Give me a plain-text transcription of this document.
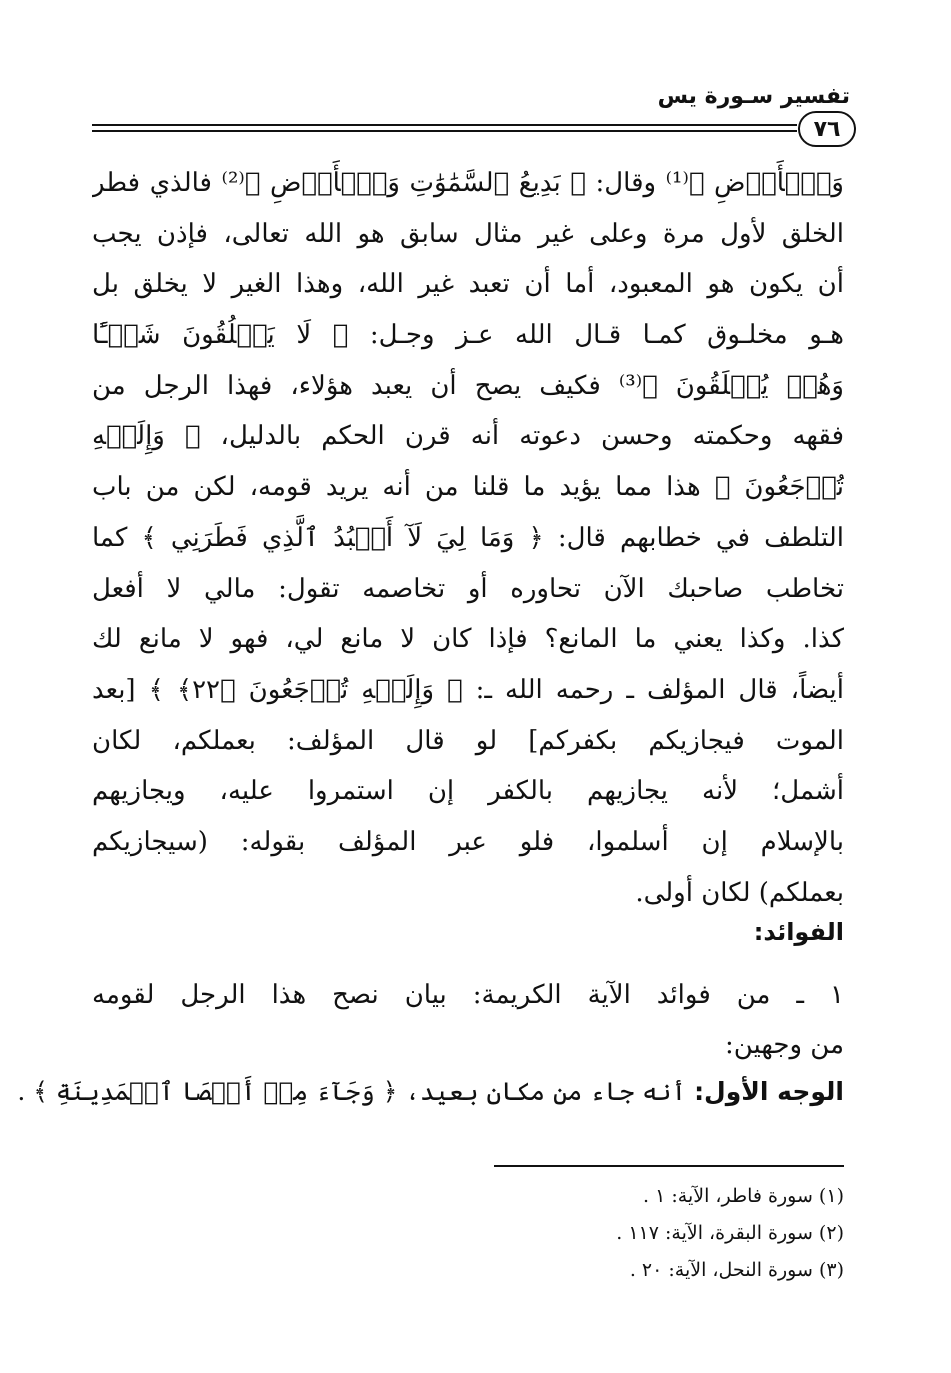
تفسير سـورة يس
٧٦
وَٱلۡأَرۡضِ ﴾⁽¹⁾ وقال: ﴿ بَدِيعُ ٱلسَّمَٰوَٰتِ وَٱلۡأَرۡضِ ﴾⁽²⁾ فالذي فطر
الخلق لأول مرة وعلى غير مثال سابق هو الله تعالى، فإذن يجب
أن يكون هو المعبود، أما أن تعبد غير الله، وهذا الغير لا يخلق بل
هـو مخلـوق كمـا قـال الله عـز وجـل: ﴿ لَا يَخۡلُقُونَ شَيۡـًٔا
وَهُمۡ يُخۡلَقُونَ ﴾⁽³⁾ فكيف يصح أن يعبد هؤلاء، فهذا الرجل من
فقهه وحكمته وحسن دعوته أنه قرن الحكم بالدليل، ﴿ وَإِلَيۡهِ
تُرۡجَعُونَ ﴾ هذا مما يؤيد ما قلنا من أنه يريد قومه، لكن من باب
التلطف في خطابهم قال: ﴿ وَمَا لِيَ لَآ أَعۡبُدُ ٱلَّذِي فَطَرَنِي ﴾ كما
تخاطب صاحبك الآن تحاوره أو تخاصمه تقول: مالي لا أفعل
كذا. وكذا يعني ما المانع؟ فإذا كان لا مانع لي، فهو لا مانع لك
أيضاً، قال المؤلف ـ رحمه الله ـ: ﴿ وَإِلَيۡهِ تُرۡجَعُونَ ﴿٢٢﴾ ﴾ [بعد
الموت فيجازيكم بكفركم] لو قال المؤلف: بعملكم، لكان
أشمل؛ لأنه يجازيهم بالكفر إن استمروا عليه، ويجازيهم
بالإسلام إن أسلموا، فلو عبر المؤلف بقوله: (سيجازيكم
بعملكم) لكان أولى.
الفوائد:
١ ـ من فوائد الآية الكريمة: بيان نصح هذا الرجل لقومه
من وجهين:
الوجه الأول: أنه جاء من مكان بعيد، ﴿ وَجَآءَ مِنۡ أَقۡصَا ٱلۡمَدِينَةِ ﴾ .
(١) سورة فاطر، الآية: ١ .
(٢) سورة البقرة، الآية: ١١٧ .
(٣) سورة النحل، الآية: ٢٠ .
